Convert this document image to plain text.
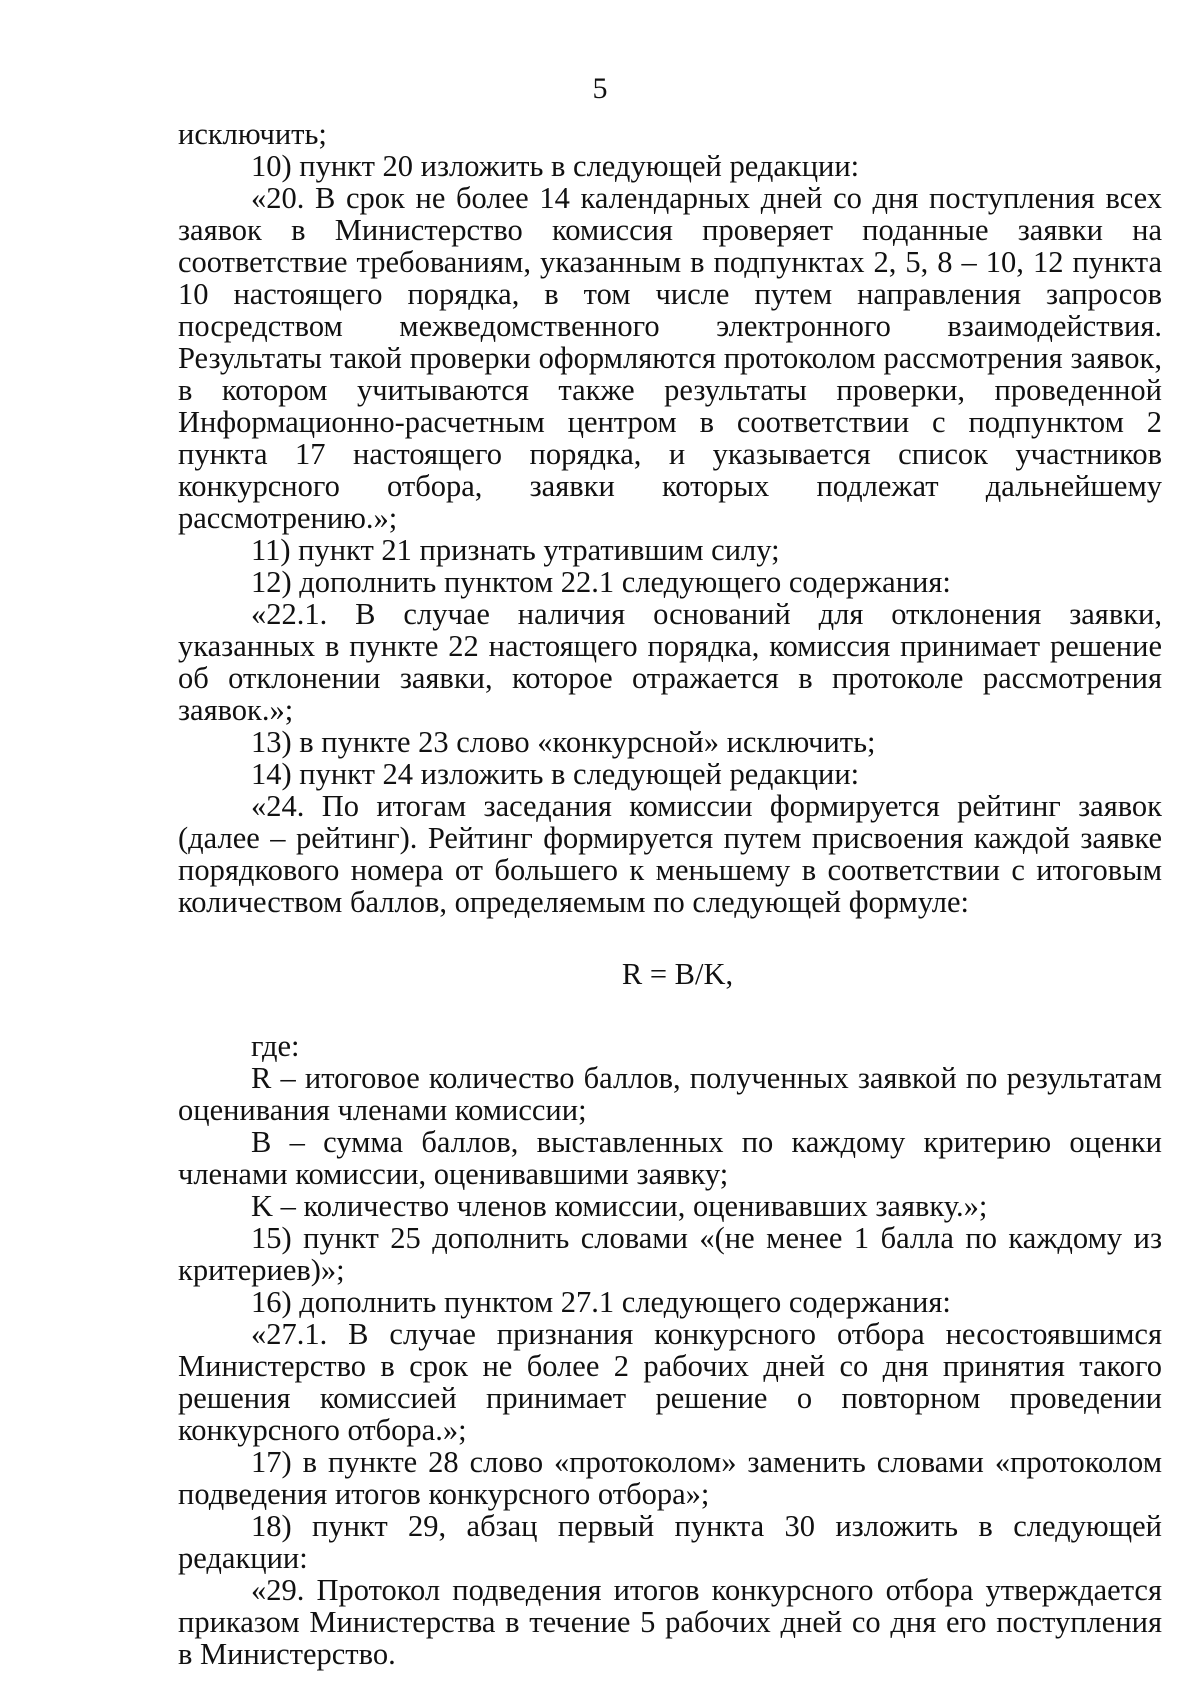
5
исключить;
10) пункт 20 изложить в следующей редакции:
«20. В срок не более 14 календарных дней со дня поступления всех заявок в Министерство комиссия проверяет поданные заявки на соответствие требованиям, указанным в подпунктах 2, 5, 8 – 10, 12 пункта 10 настоящего порядка, в том числе путем направления запросов посредством межведомственного электронного взаимодействия. Результаты такой проверки оформляются протоколом рассмотрения заявок, в котором учитываются также результаты проверки, проведенной Информационно-расчетным центром в соответствии с подпунктом 2 пункта 17 настоящего порядка, и указывается список участников конкурсного отбора, заявки которых подлежат дальнейшему рассмотрению.»;
11) пункт 21 признать утратившим силу;
12) дополнить пунктом 22.1 следующего содержания:
«22.1. В случае наличия оснований для отклонения заявки, указанных в пункте 22 настоящего порядка, комиссия принимает решение об отклонении заявки, которое отражается в протоколе рассмотрения заявок.»;
13) в пункте 23 слово «конкурсной» исключить;
14) пункт 24 изложить в следующей редакции:
«24. По итогам заседания комиссии формируется рейтинг заявок (далее – рейтинг). Рейтинг формируется путем присвоения каждой заявке порядкового номера от большего к меньшему в соответствии с итоговым количеством баллов, определяемым по следующей формуле:
R = B/K,
где:
R – итоговое количество баллов, полученных заявкой по результатам оценивания членами комиссии;
B – сумма баллов, выставленных по каждому критерию оценки членами комиссии, оценивавшими заявку;
K – количество членов комиссии, оценивавших заявку.»;
15) пункт 25 дополнить словами «(не менее 1 балла по каждому из критериев)»;
16) дополнить пунктом 27.1 следующего содержания:
«27.1. В случае признания конкурсного отбора несостоявшимся Министерство в срок не более 2 рабочих дней со дня принятия такого решения комиссией принимает решение о повторном проведении конкурсного отбора.»;
17) в пункте 28 слово «протоколом» заменить словами «протоколом подведения итогов конкурсного отбора»;
18) пункт 29, абзац первый пункта 30 изложить в следующей редакции:
«29. Протокол подведения итогов конкурсного отбора утверждается приказом Министерства в течение 5 рабочих дней со дня его поступления в Министерство.
